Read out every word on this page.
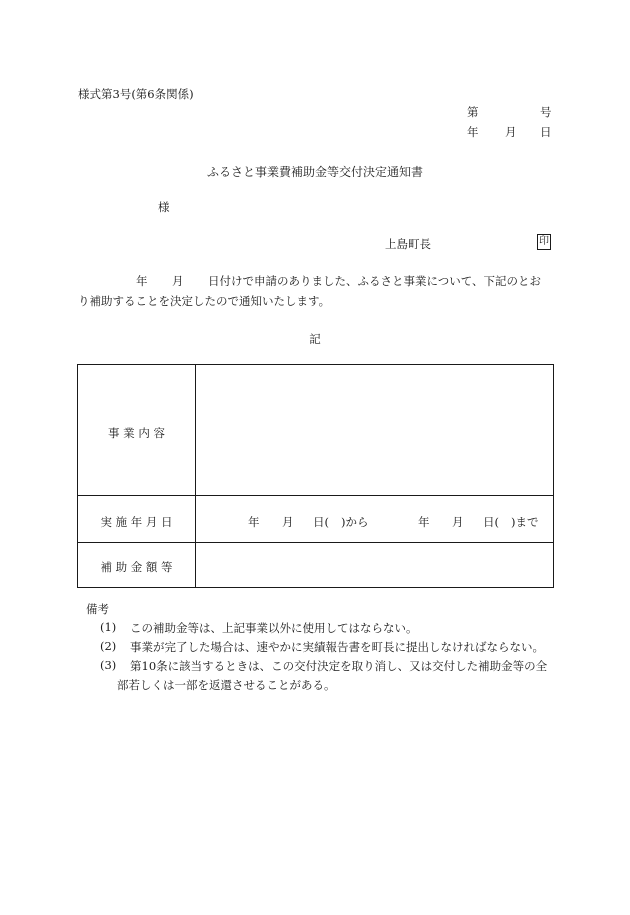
様式第3号(第6条関係)
第	号
年 月 日
ふるさと事業費補助金等交付決定通知書
様
上島町長	印
年 月 日付けで申請のありました、ふるさと事業について、下記のとお
り補助することを決定したので通知いたします。
記
事 業 内 容
実 施 年 月 日	年 月 日( )から	年 月 日( )まで
補 助 金 額 等
備考
(1) この補助金等は、上記事業以外に使用してはならない。
(2) 事業が完了した場合は、速やかに実績報告書を町長に提出しなければならない。
(3) 第10条に該当するときは、この交付決定を取り消し、又は交付した補助金等の全
部若しくは一部を返還させることがある。
